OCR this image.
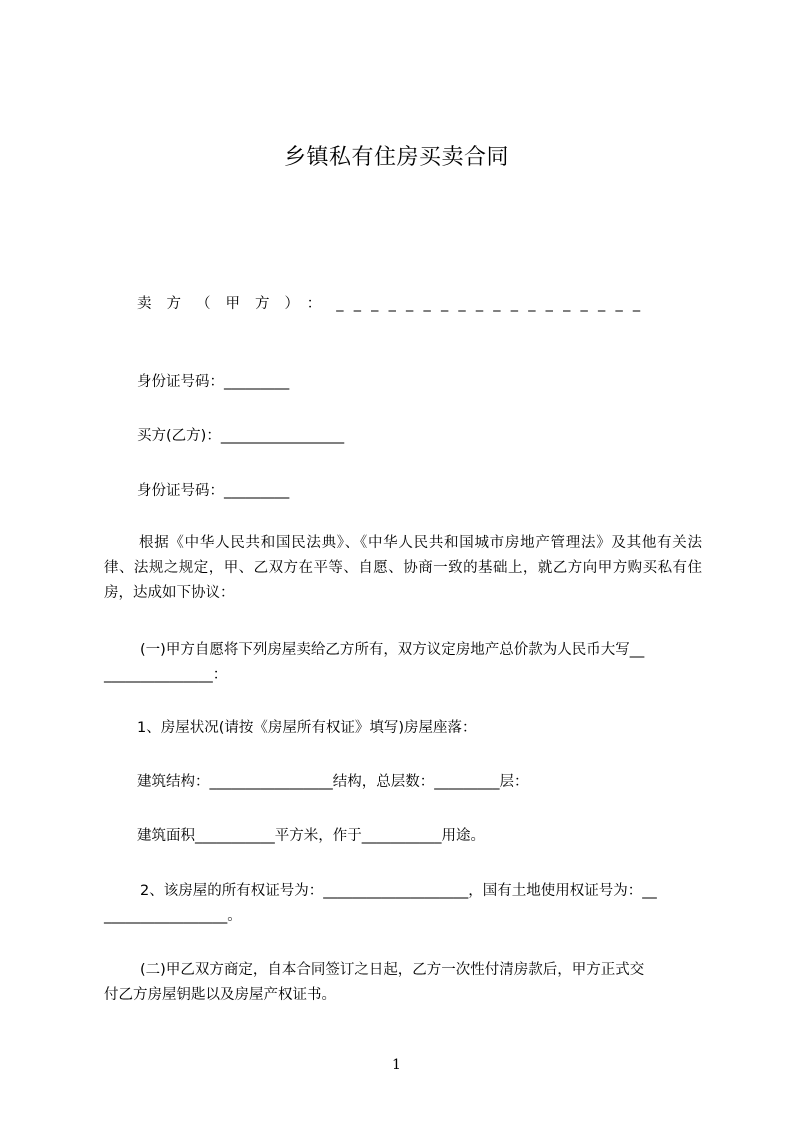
乡镇私有住房买卖合同
卖方（甲方）：__________________
身份证号码：_________
买方(乙方)：_________________
身份证号码：_________
根据《中华人民共和国民法典》、《中华人民共和国城市房地产管理法》及其他有关法律、法规之规定，甲、乙双方在平等、自愿、协商一致的基础上，就乙方向甲方购买私有住房，达成如下协议：
(一)甲方自愿将下列房屋卖给乙方所有，双方议定房地产总价款为人民币大写__
_______________：
1、房屋状况(请按《房屋所有权证》填写)房屋座落：
建筑结构：_________________结构，总层数：_________层：
建筑面积___________平方米，作于___________用途。
2、该房屋的所有权证号为：____________________，国有土地使用权证号为：__
_________________。
(二)甲乙双方商定，自本合同签订之日起，乙方一次性付清房款后，甲方正式交
付乙方房屋钥匙以及房屋产权证书。
1
